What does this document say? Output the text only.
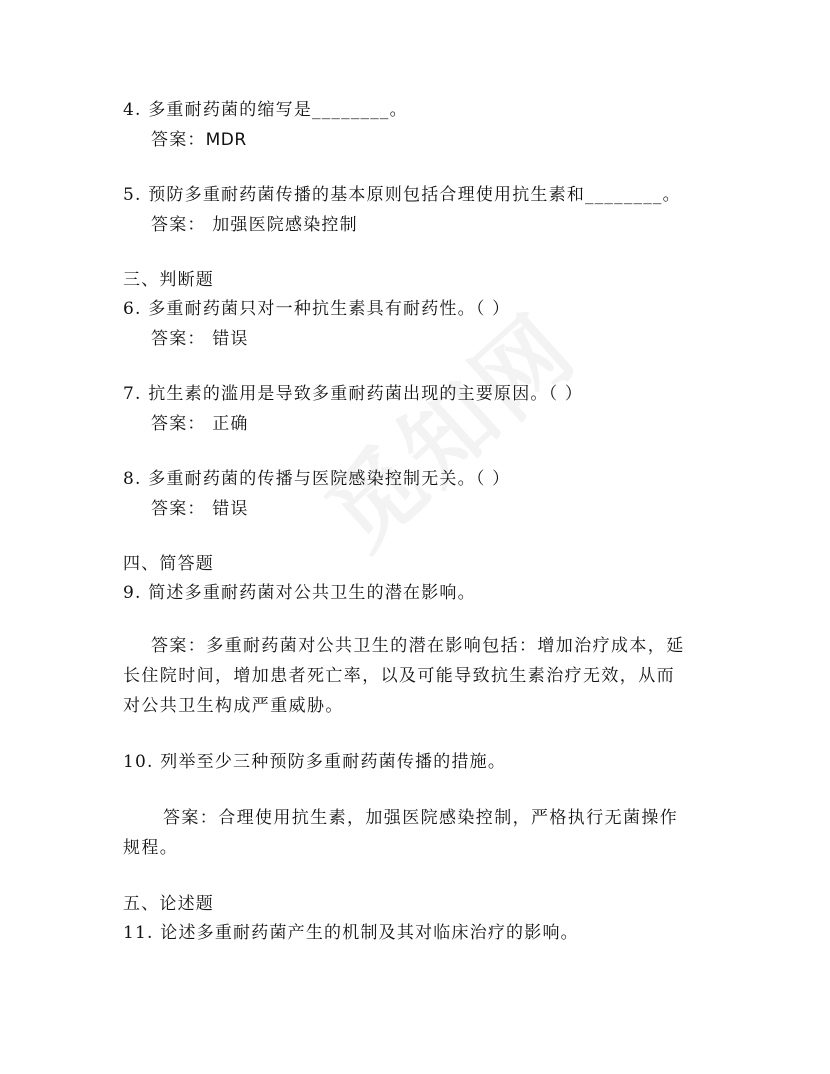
4. 多重耐药菌的缩写是________。
答案：MDR
5. 预防多重耐药菌传播的基本原则包括合理使用抗生素和________。
答案： 加强医院感染控制
三、判断题
6. 多重耐药菌只对一种抗生素具有耐药性。（ ）
答案： 错误
7. 抗生素的滥用是导致多重耐药菌出现的主要原因。（ ）
答案： 正确
8. 多重耐药菌的传播与医院感染控制无关。（ ）
答案： 错误
四、简答题
9. 简述多重耐药菌对公共卫生的潜在影响。
答案：多重耐药菌对公共卫生的潜在影响包括：增加治疗成本，延长住院时间，增加患者死亡率，以及可能导致抗生素治疗无效，从而对公共卫生构成严重威胁。
10. 列举至少三种预防多重耐药菌传播的措施。
答案：合理使用抗生素，加强医院感染控制，严格执行无菌操作规程。
五、论述题
11. 论述多重耐药菌产生的机制及其对临床治疗的影响。
